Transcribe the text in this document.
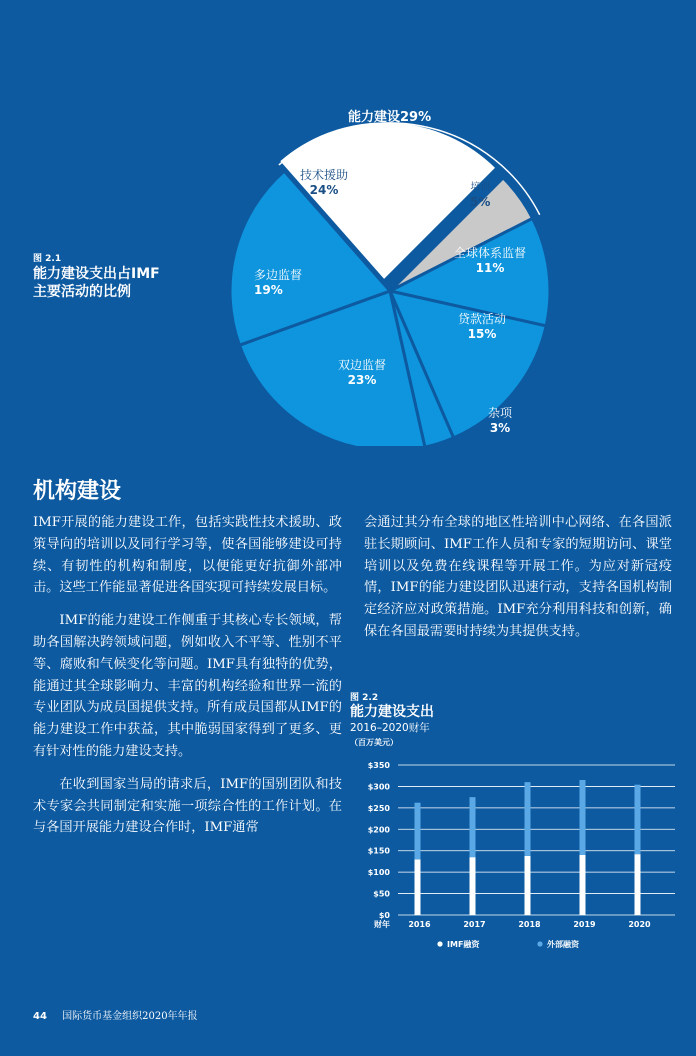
图 2.1
能力建设支出占IMF
主要活动的比例
能力建设29%
技术援助
24%	培训
5%
全球体系监督
11%
贷款活动
15%
杂项
3%
双边监督
23%
多边监督
19%
机构建设

IMF开展的能力建设工作，包括实践性技术援助、政策导向的培训以及同行学习等，使各国能够建设可持续、有韧性的机构和制度，以便能更好抗御外部冲击。这些工作能显著促进各国实现可持续发展目标。

IMF的能力建设工作侧重于其核心专长领域，帮助各国解决跨领域问题，例如收入不平等、性别不平等、腐败和气候变化等问题。IMF具有独特的优势，能通过其全球影响力、丰富的机构经验和世界一流的专业团队为成员国提供支持。所有成员国都从IMF的能力建设工作中获益，其中脆弱国家得到了更多、更有针对性的能力建设支持。

在收到国家当局的请求后，IMF的国别团队和技术专家会共同制定和实施一项综合性的工作计划。在与各国开展能力建设合作时，IMF通常

会通过其分布全球的地区性培训中心网络、在各国派驻长期顾问、IMF工作人员和专家的短期访问、课堂培训以及免费在线课程等开展工作。为应对新冠疫情，IMF的能力建设团队迅速行动，支持各国机构制定经济应对政策措施。IMF充分利用科技和创新，确保在各国最需要时持续为其提供支持。

图 2.2
能力建设支出
2016–2020财年
（百万美元）
$0
$50
$100
$150
$200
$250
$300
$350
财年 2016	2017	2018	2019	2020
IMF融资	外部融资
44 国际货币基金组织2020年年报
